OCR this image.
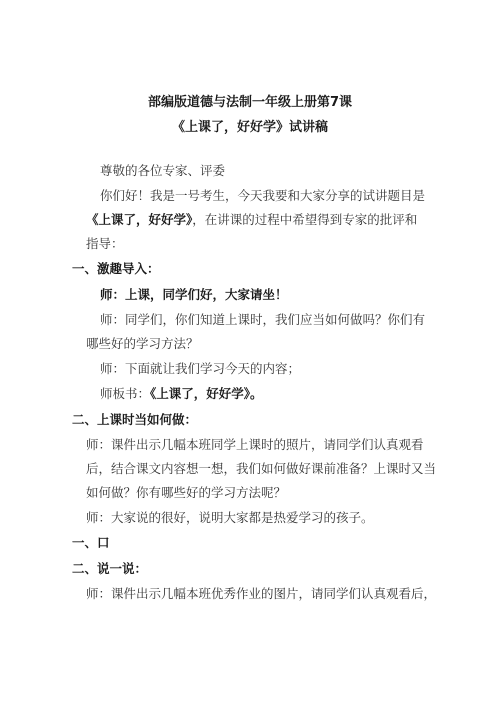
部编版道德与法制一年级上册第7课
《上课了，好好学》试讲稿
尊敬的各位专家、评委
你们好！我是一号考生，今天我要和大家分享的试讲题目是
《上课了，好好学》，在讲课的过程中希望得到专家的批评和
指导：
一、激趣导入：
师：上课，同学们好，大家请坐！
师：同学们，你们知道上课时，我们应当如何做吗？你们有
哪些好的学习方法？
师：下面就让我们学习今天的内容；
师板书：《上课了，好好学》。
二、上课时当如何做：
师：课件出示几幅本班同学上课时的照片，请同学们认真观看
后，结合课文内容想一想，我们如何做好课前准备？上课时又当
如何做？你有哪些好的学习方法呢？
师：大家说的很好，说明大家都是热爱学习的孩子。
一、口
二、说一说：
师：课件出示几幅本班优秀作业的图片，请同学们认真观看后，
